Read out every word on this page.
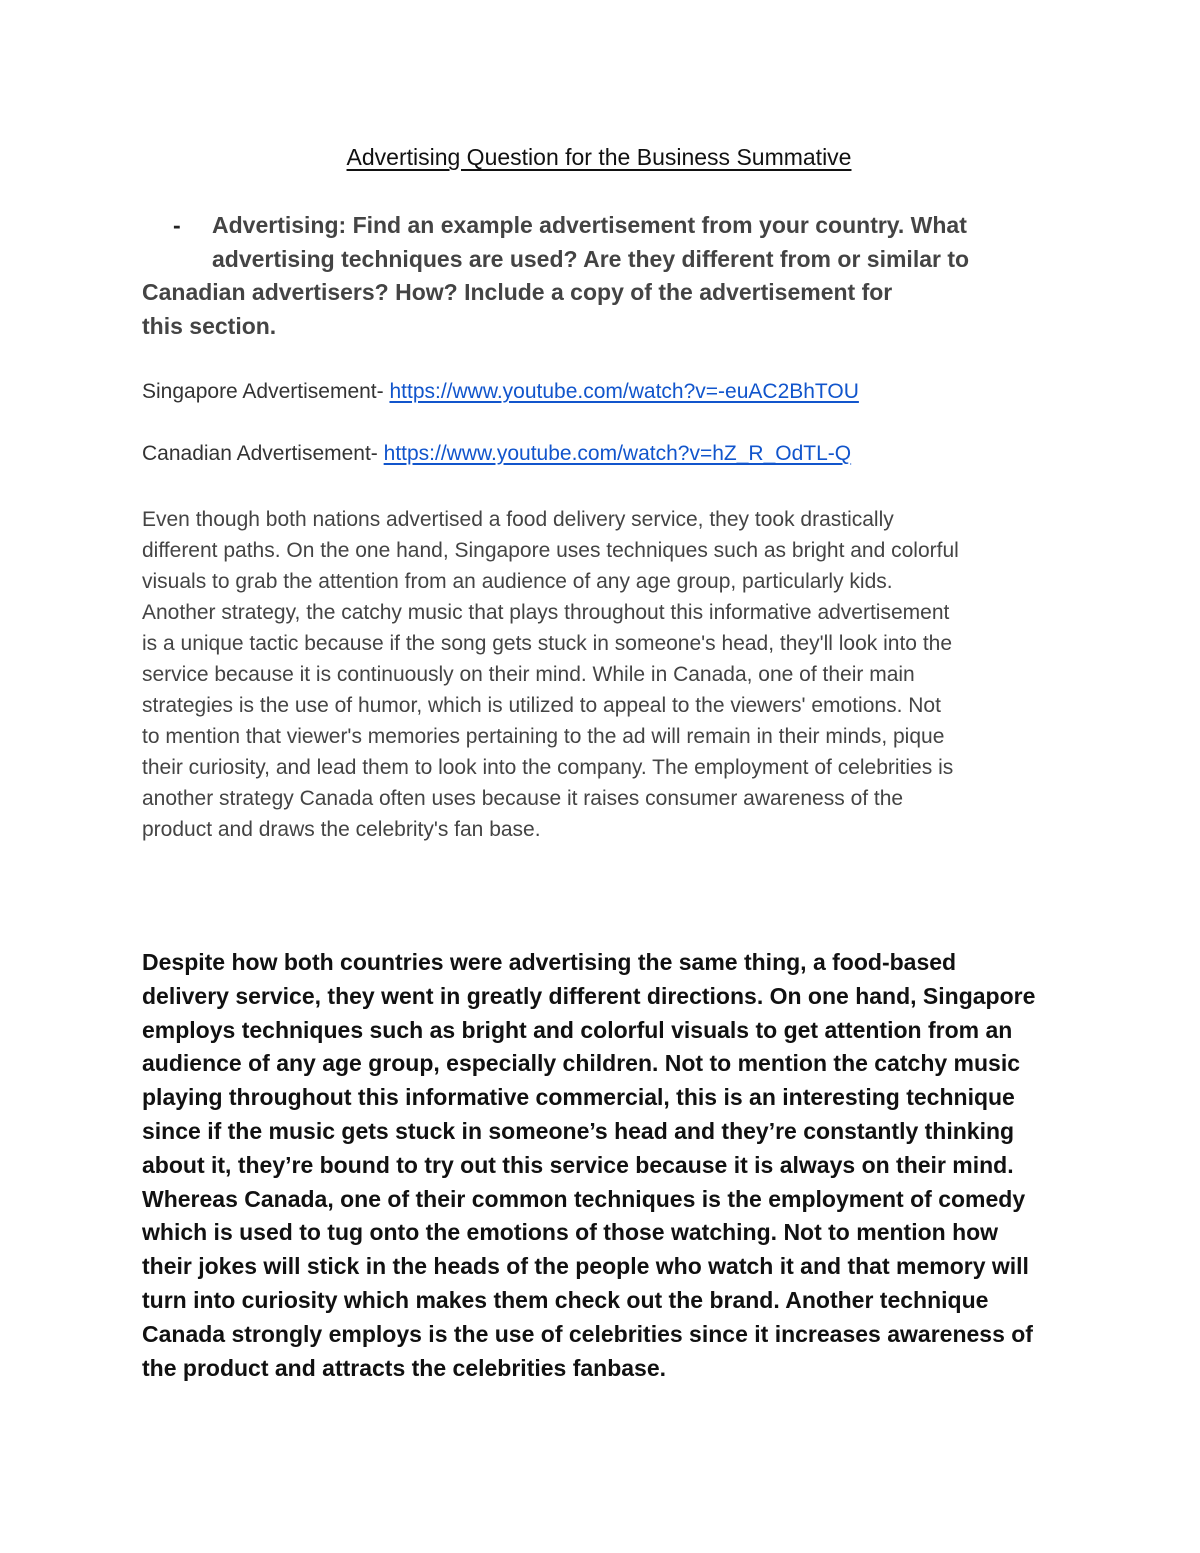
Advertising Question for the Business Summative
-	Advertising: Find an example advertisement from your country. What
advertising techniques are used? Are they different from or similar to
Canadian advertisers? How? Include a copy of the advertisement for
this section.
Singapore Advertisement- https://www.youtube.com/watch?v=-euAC2BhTOU
Canadian Advertisement- https://www.youtube.com/watch?v=hZ_R_OdTL-Q
Even though both nations advertised a food delivery service, they took drastically
different paths. On the one hand, Singapore uses techniques such as bright and colorful
visuals to grab the attention from an audience of any age group, particularly kids.
Another strategy, the catchy music that plays throughout this informative advertisement
is a unique tactic because if the song gets stuck in someone's head, they'll look into the
service because it is continuously on their mind. While in Canada, one of their main
strategies is the use of humor, which is utilized to appeal to the viewers' emotions. Not
to mention that viewer's memories pertaining to the ad will remain in their minds, pique
their curiosity, and lead them to look into the company. The employment of celebrities is
another strategy Canada often uses because it raises consumer awareness of the
product and draws the celebrity's fan base.
Despite how both countries were advertising the same thing, a food-based
delivery service, they went in greatly different directions. On one hand, Singapore
employs techniques such as bright and colorful visuals to get attention from an
audience of any age group, especially children. Not to mention the catchy music
playing throughout this informative commercial, this is an interesting technique
since if the music gets stuck in someone’s head and they’re constantly thinking
about it, they’re bound to try out this service because it is always on their mind.
Whereas Canada, one of their common techniques is the employment of comedy
which is used to tug onto the emotions of those watching. Not to mention how
their jokes will stick in the heads of the people who watch it and that memory will
turn into curiosity which makes them check out the brand. Another technique
Canada strongly employs is the use of celebrities since it increases awareness of
the product and attracts the celebrities fanbase.
